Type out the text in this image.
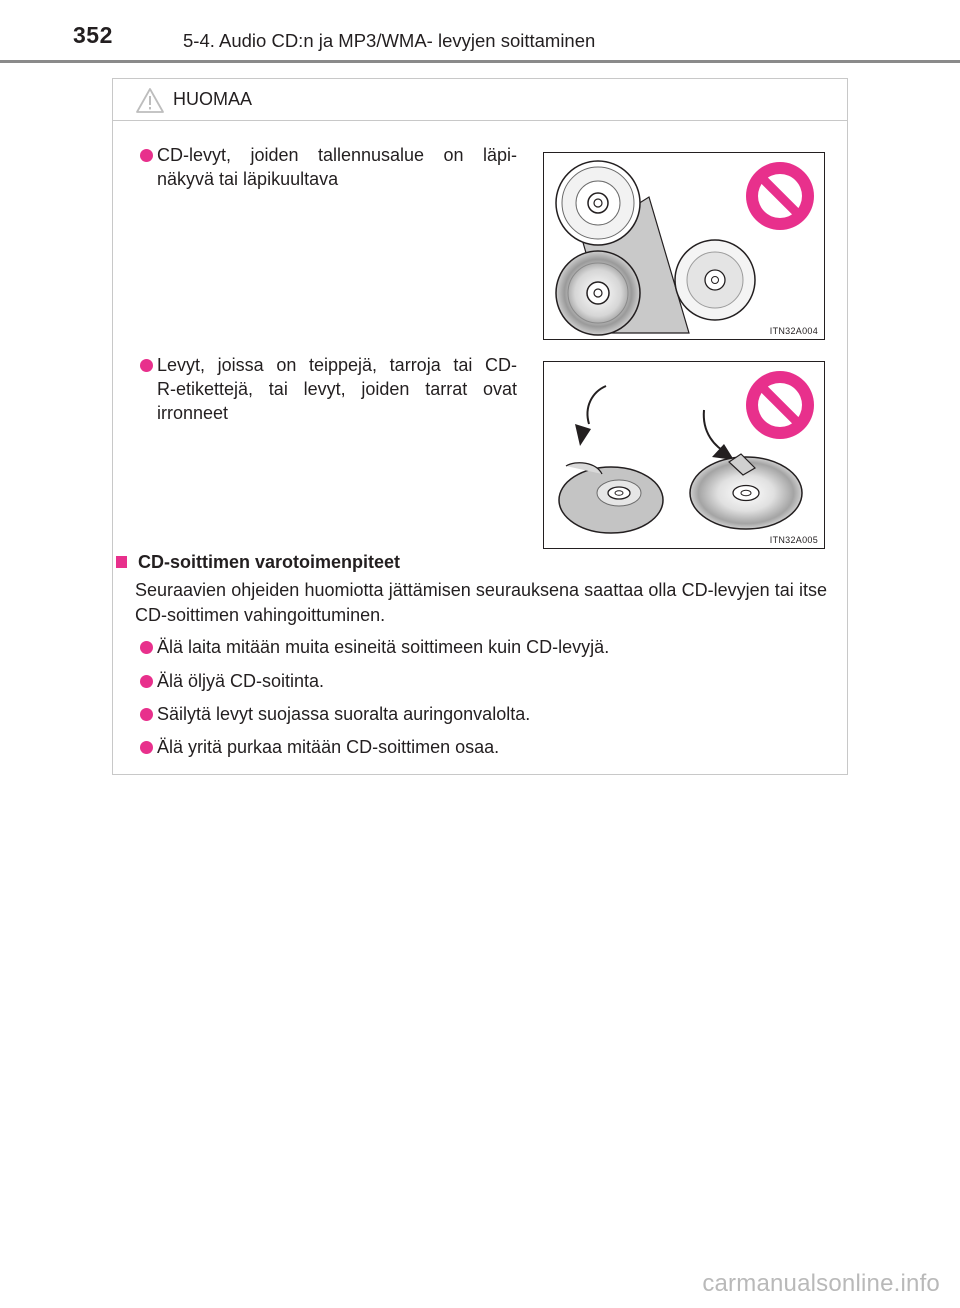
352	5-4. Audio CD:n ja MP3/WMA- levyjen soittaminen
HUOMAA
CD-levyt, joiden tallennusalue on läpi-
näkyvä tai läpikuultava
ITN32A004
Levyt, joissa on teippejä, tarroja tai CD-
R-etikettejä, tai levyt, joiden tarrat ovat
irronneet
ITN32A005
CD-soittimen varotoimenpiteet
Seuraavien ohjeiden huomiotta jättämisen seurauksena saattaa olla CD-levyjen tai itse CD-soittimen vahingoittuminen.
Älä laita mitään muita esineitä soittimeen kuin CD-levyjä.
Älä öljyä CD-soitinta.
Säilytä levyt suojassa suoralta auringonvalolta.
Älä yritä purkaa mitään CD-soittimen osaa.
carmanualsonline.info
